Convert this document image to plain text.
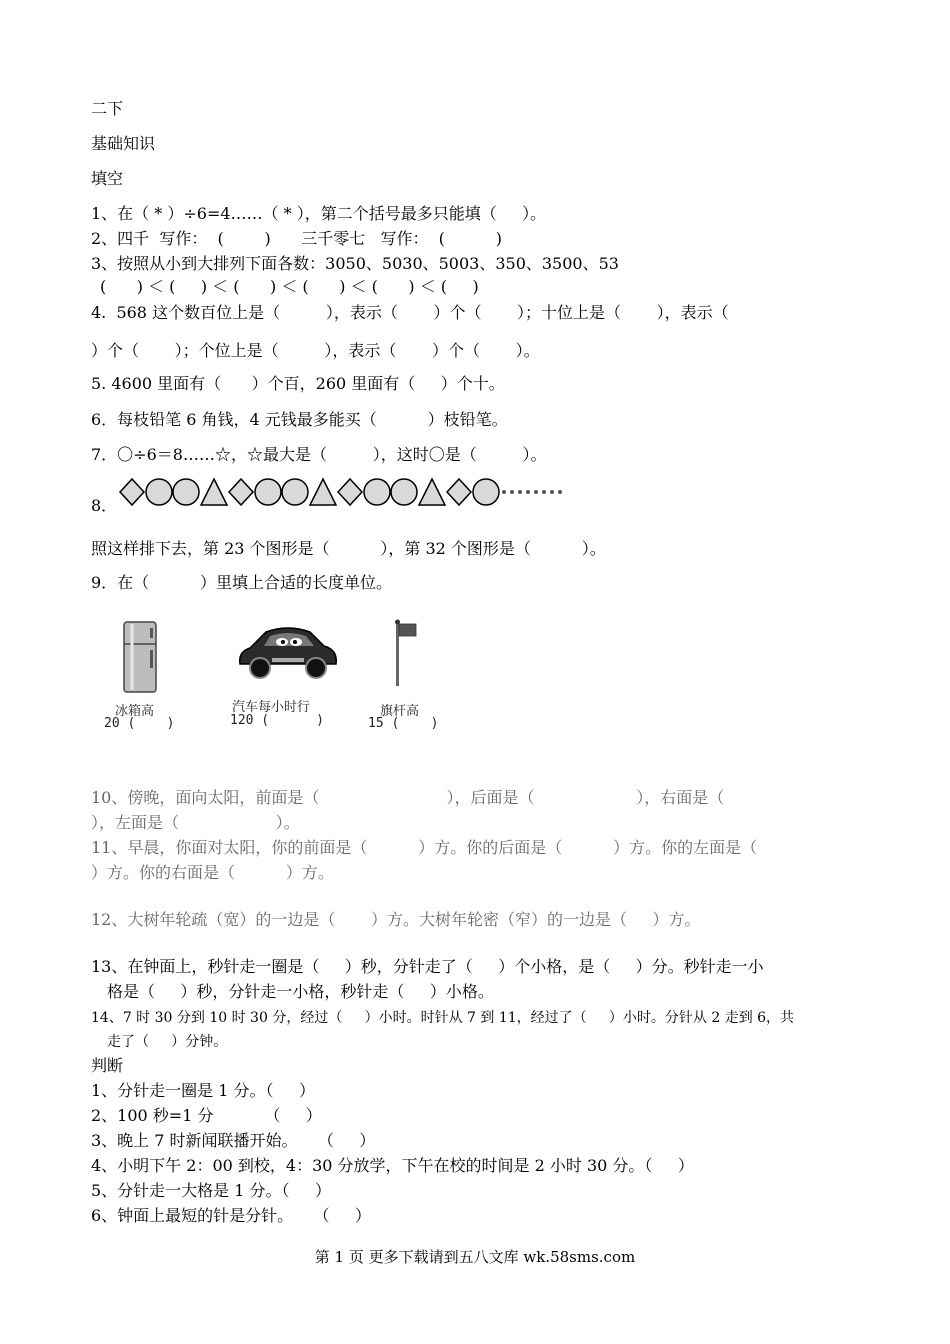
二下
基础知识
填空
1、在（ * ）÷6=4……（ * ），第二个括号最多只能填（     ）。
2、四千  写作：  (        )      三千零七   写作：  (          )
3、按照从小到大排列下面各数：3050、5030、5003、350、3500、53
(      ) ＜ (     ) ＜ (      ) ＜ (      ) ＜ (      ) ＜ (     )
4.  568 这个数百位上是（         ），表示（       ）个（       ）；十位上是（       ），表示（
）个（       ）；个位上是（         ），表示（       ）个（       ）。
5. 4600 里面有（      ）个百，260 里面有（     ）个十。
6．每枝铅笔 6 角钱，4 元钱最多能买（          ）枝铅笔。
7．〇÷6＝8……☆，☆最大是（         ），这时〇是（         ）。
8．
照这样排下去，第 23 个图形是（          ），第 32 个图形是（          ）。
9．在（          ）里填上合适的长度单位。
冰箱高
20 (    )
汽车每小时行
120 (      )
旗杆高
15 (    )
10、傍晚，面向太阳，前面是（                         ），后面是（                    ），右面是（
），左面是（                   ）。
11、早晨，你面对太阳，你的前面是（          ）方。你的后面是（          ）方。你的左面是（
）方。你的右面是（          ）方。
12、大树年轮疏（宽）的一边是（       ）方。大树年轮密（窄）的一边是（     ）方。
13、在钟面上，秒针走一圈是（     ）秒，分针走了（     ）个小格，是（     ）分。秒针走一小
格是（     ）秒，分针走一小格，秒针走（     ）小格。
14、7 时 30 分到 10 时 30 分，经过（     ）小时。时针从 7 到 11，经过了（     ）小时。分针从 2 走到 6，共
走了（     ）分钟。
判断
1、分针走一圈是 1 分。（     ）
2、100 秒=1 分          （     ）
3、晚上 7 时新闻联播开始。    （     ）
4、小明下午 2：00 到校，4：30 分放学，下午在校的时间是 2 小时 30 分。（     ）
5、分针走一大格是 1 分。（     ）
6、钟面上最短的针是分针。    （     ）
第 1 页 更多下载请到五八文库 wk.58sms.com
